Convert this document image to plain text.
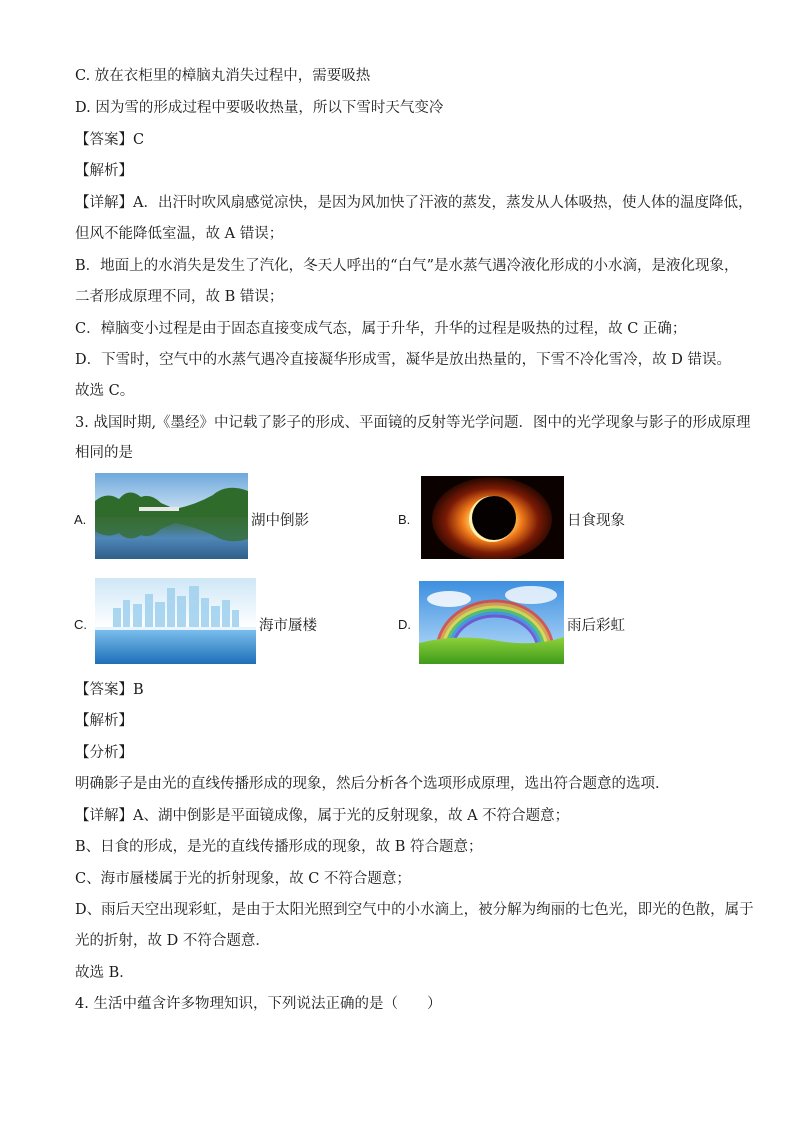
C. 放在衣柜里的樟脑丸消失过程中，需要吸热
D. 因为雪的形成过程中要吸收热量，所以下雪时天气变冷
【答案】C
【解析】
【详解】A．出汗时吹风扇感觉凉快，是因为风加快了汗液的蒸发，蒸发从人体吸热，使人体的温度降低，
但风不能降低室温，故 A 错误；
B．地面上的水消失是发生了汽化，冬天人呼出的“白气”是水蒸气遇冷液化形成的小水滴，是液化现象，
二者形成原理不同，故 B 错误；
C．樟脑变小过程是由于固态直接变成气态，属于升华，升华的过程是吸热的过程，故 C 正确；
D．下雪时，空气中的水蒸气遇冷直接凝华形成雪，凝华是放出热量的，下雪不冷化雪冷，故 D 错误。
故选 C。
3. 战国时期,《墨经》中记载了影子的形成、平面镜的反射等光学问题．图中的光学现象与影子的形成原理
相同的是
A.	湖中倒影	B.	日食现象
C.	海市蜃楼	D.	雨后彩虹
【答案】B
【解析】
【分析】
明确影子是由光的直线传播形成的现象，然后分析各个选项形成原理，选出符合题意的选项．
【详解】A、湖中倒影是平面镜成像，属于光的反射现象，故 A 不符合题意；
B、日食的形成，是光的直线传播形成的现象，故 B 符合题意；
C、海市蜃楼属于光的折射现象，故 C 不符合题意；
D、雨后天空出现彩虹，是由于太阳光照到空气中的小水滴上，被分解为绚丽的七色光，即光的色散，属于
光的折射，故 D 不符合题意．
故选 B．
4. 生活中蕴含许多物理知识，下列说法正确的是（　　）
